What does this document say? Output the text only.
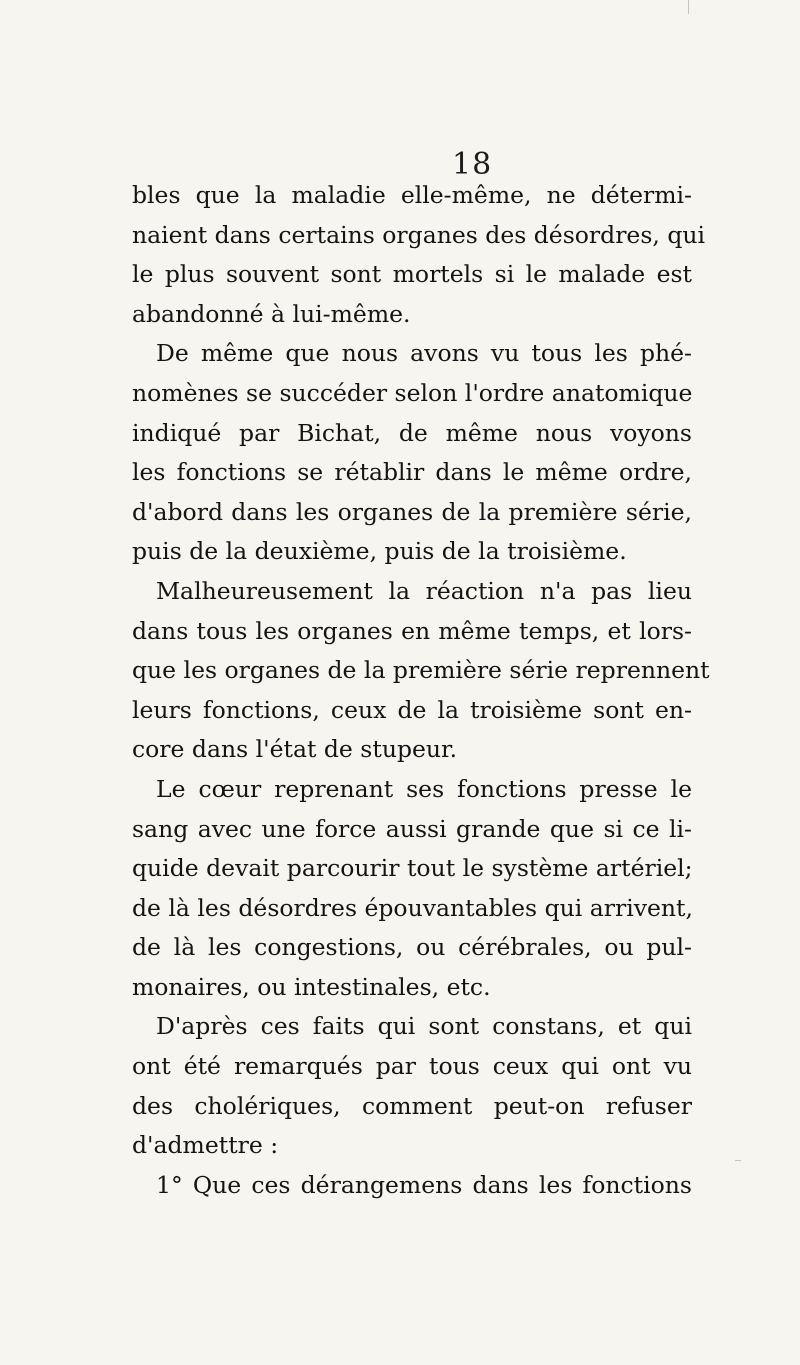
18
bles que la maladie elle-même, ne détermi-
naient dans certains organes des désordres, qui
le plus souvent sont mortels si le malade est
abandonné à lui-même.
De même que nous avons vu tous les phé-
nomènes se succéder selon l'ordre anatomique
indiqué par Bichat, de même nous voyons
les fonctions se rétablir dans le même ordre,
d'abord dans les organes de la première série,
puis de la deuxième, puis de la troisième.
Malheureusement la réaction n'a pas lieu
dans tous les organes en même temps, et lors-
que les organes de la première série reprennent
leurs fonctions, ceux de la troisième sont en-
core dans l'état de stupeur.
Le cœur reprenant ses fonctions presse le
sang avec une force aussi grande que si ce li-
quide devait parcourir tout le système artériel;
de là les désordres épouvantables qui arrivent,
de là les congestions, ou cérébrales, ou pul-
monaires, ou intestinales, etc.
D'après ces faits qui sont constans, et qui
ont été remarqués par tous ceux qui ont vu
des cholériques, comment peut-on refuser
d'admettre :
1° Que ces dérangemens dans les fonctions
